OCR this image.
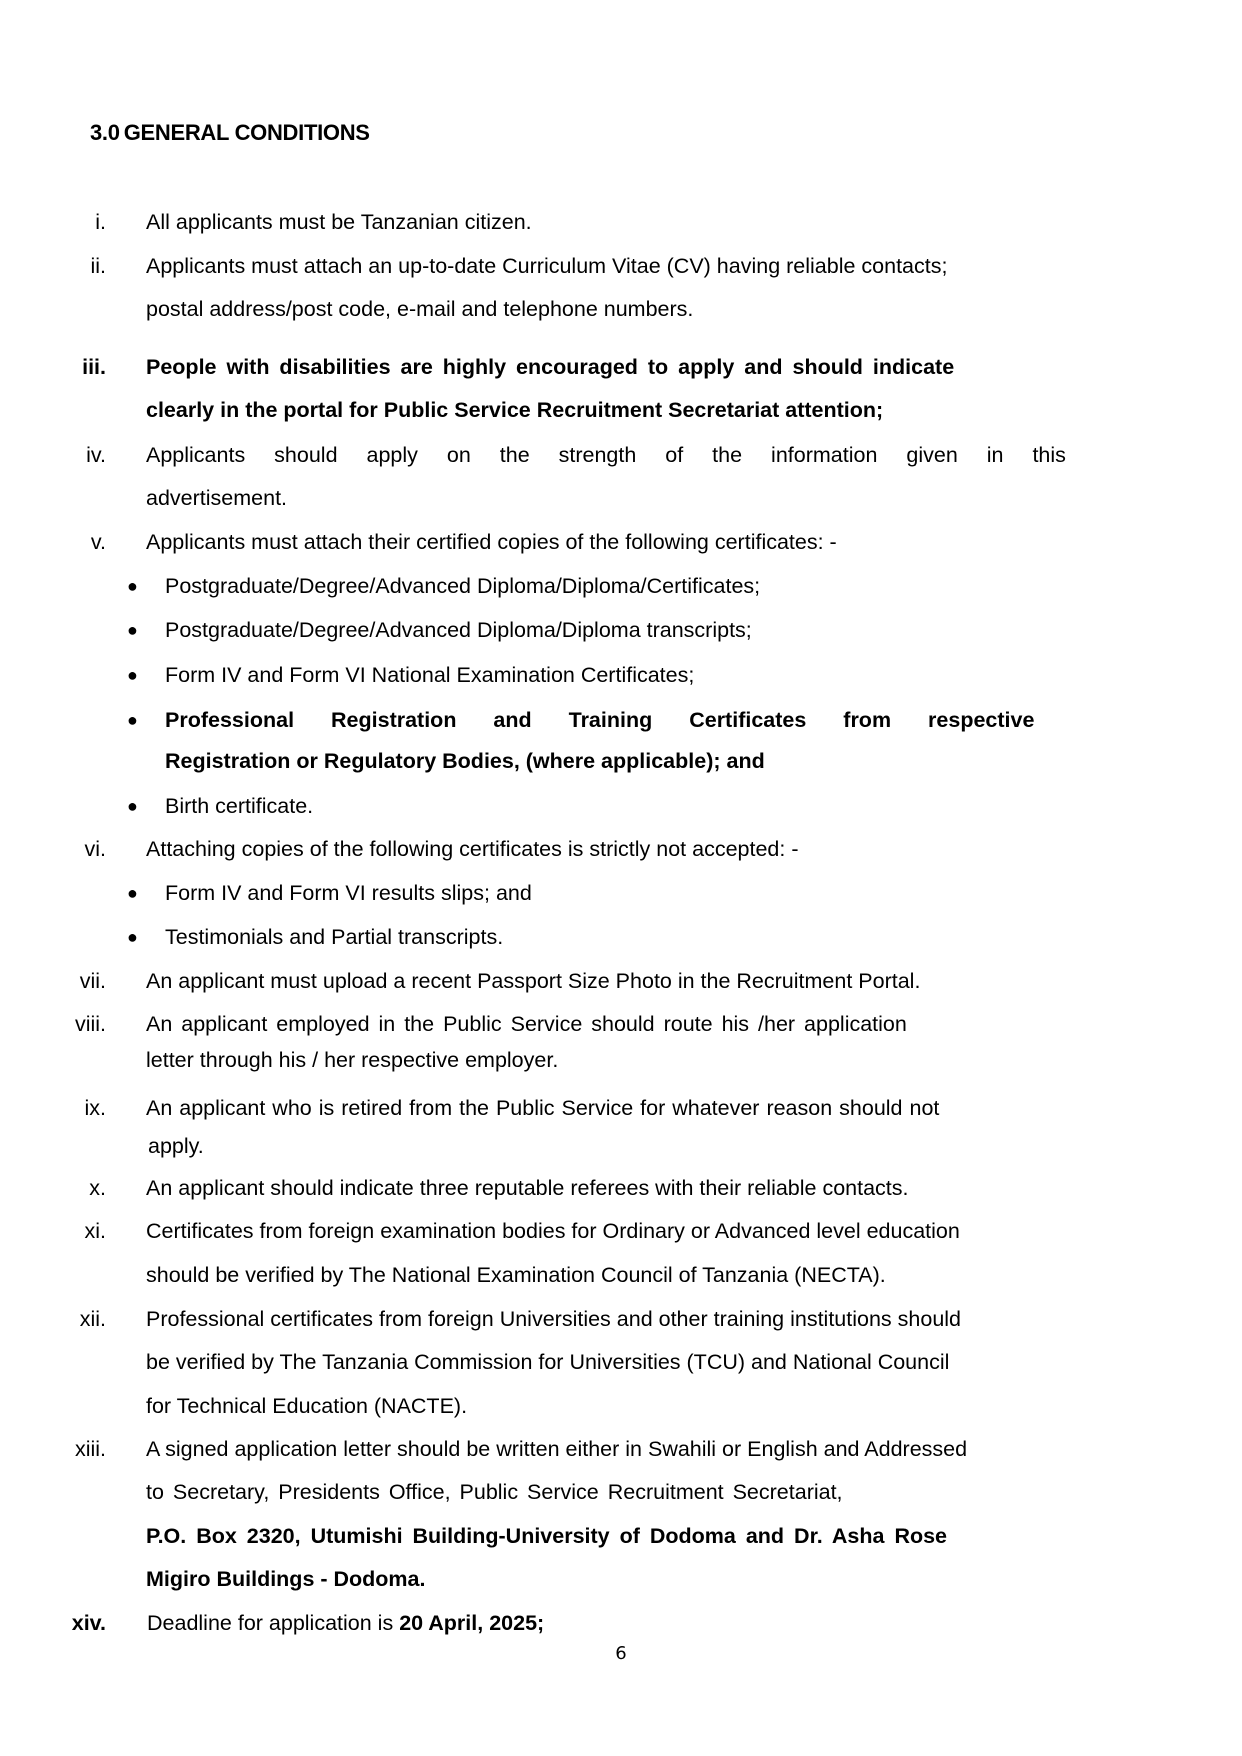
3.0 GENERAL CONDITIONS
i. All applicants must be Tanzanian citizen.
ii. Applicants must attach an up-to-date Curriculum Vitae (CV) having reliable contacts;
postal address/post code, e-mail and telephone numbers.
iii. People with disabilities are highly encouraged to apply and should indicate
clearly in the portal for Public Service Recruitment Secretariat attention;
iv. Applicants should apply on the strength of the information given in this
advertisement.
v. Applicants must attach their certified copies of the following certificates: -
● Postgraduate/Degree/Advanced Diploma/Diploma/Certificates;
● Postgraduate/Degree/Advanced Diploma/Diploma transcripts;
● Form IV and Form VI National Examination Certificates;
● Professional Registration and Training Certificates from respective
Registration or Regulatory Bodies, (where applicable); and
● Birth certificate.
vi. Attaching copies of the following certificates is strictly not accepted: -
● Form IV and Form VI results slips; and
● Testimonials and Partial transcripts.
vii. An applicant must upload a recent Passport Size Photo in the Recruitment Portal.
viii. An applicant employed in the Public Service should route his /her application
letter through his / her respective employer.
ix. An applicant who is retired from the Public Service for whatever reason should not
apply.
x. An applicant should indicate three reputable referees with their reliable contacts.
xi. Certificates from foreign examination bodies for Ordinary or Advanced level education
should be verified by The National Examination Council of Tanzania (NECTA).
xii. Professional certificates from foreign Universities and other training institutions should
be verified by The Tanzania Commission for Universities (TCU) and National Council
for Technical Education (NACTE).
xiii. A signed application letter should be written either in Swahili or English and Addressed
to Secretary, Presidents Office, Public Service Recruitment Secretariat,
P.O. Box 2320, Utumishi Building-University of Dodoma and Dr. Asha Rose
Migiro Buildings - Dodoma.
xiv. Deadline for application is 20 April, 2025;
6
